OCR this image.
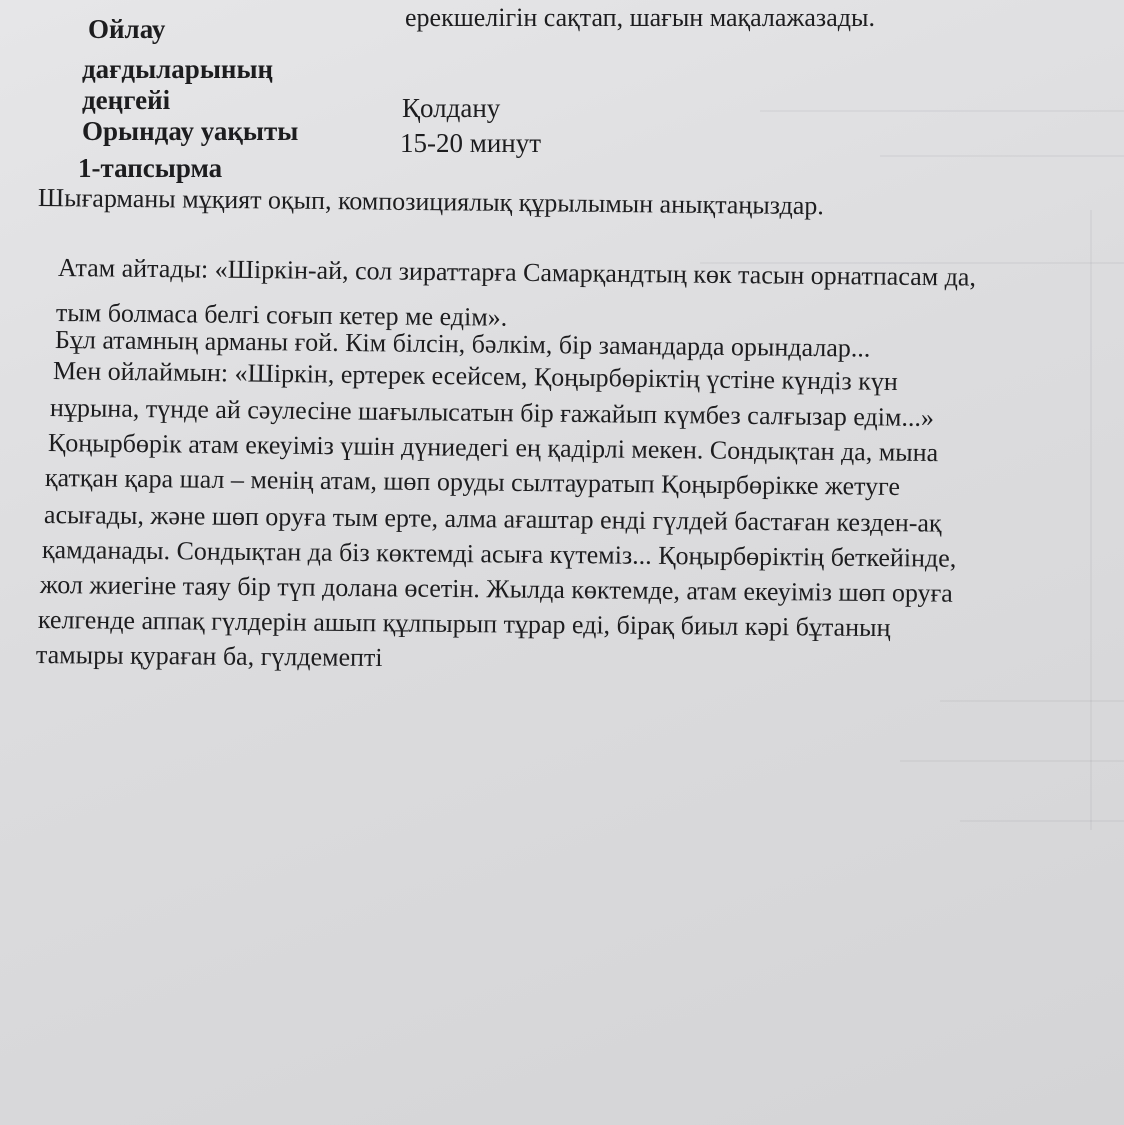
ерекшелігін сақтап, шағын мақалажазады.
Ойлау
дағдыларының
деңгейі	Қолдану
Орындау уақыты	15-20 минут
1-тапсырма
Шығарманы мұқият оқып, композициялық құрылымын анықтаңыздар.
Атам айтады: «Шіркін-ай, сол зираттарға Самарқандтың көк тасын орнатпасам да,
тым болмаса белгі соғып кетер ме едім».
Бұл атамның арманы ғой. Кім білсін, бәлкім, бір замандарда орындалар...
Мен ойлаймын: «Шіркін, ертерек есейсем, Қоңырбөріктің үстіне күндіз күн
нұрына, түнде ай сәулесіне шағылысатын бір ғажайып күмбез салғызар едім...»
Қоңырбөрік атам екеуіміз үшін дүниедегі ең қадірлі мекен. Сондықтан да, мына
қатқан қара шал – менің атам, шөп оруды сылтауратып Қоңырбөрікке жетуге
асығады, және шөп оруға тым ерте, алма ағаштар енді гүлдей бастаған кезден-ақ
қамданады. Сондықтан да біз көктемді асыға күтеміз... Қоңырбөріктің беткейінде,
жол жиегіне таяу бір түп долана өсетін. Жылда көктемде, атам екеуіміз шөп оруға
келгенде аппақ гүлдерін ашып құлпырып тұрар еді, бірақ биыл кәрі бұтаның
тамыры қураған ба, гүлдемепті
